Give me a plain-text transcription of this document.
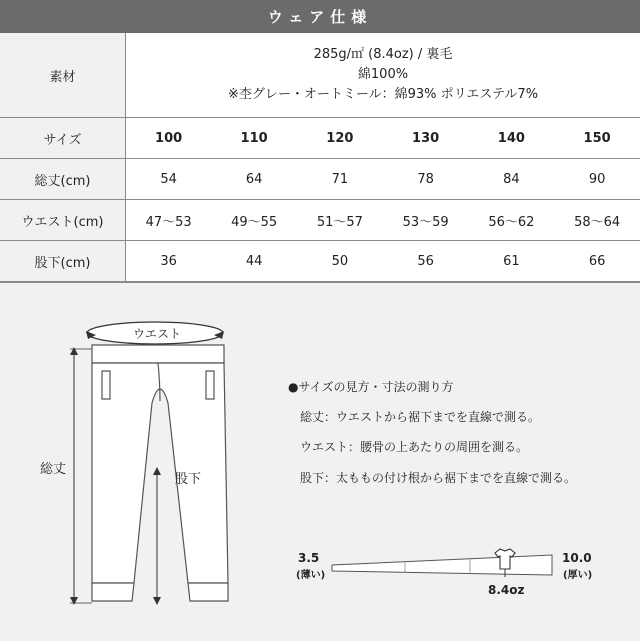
ウェア仕様
素材	285g/㎡ (8.4oz) / 裏毛
綿100%
※杢グレー・オートミール：綿93% ポリエステル7%					

サイズ	100	110	120	130	140	150
総丈(cm)	54	64	71	78	84	90
ウエスト(cm)	47〜53	49〜55	51〜57	53〜59	56〜62	58〜64
股下(cm)	36	44	50	56	61	66
ウエスト
総丈
股下
●サイズの見方・寸法の測り方
総丈：ウエストから裾下までを直線で測る。
ウエスト：腰骨の上あたりの周囲を測る。
股下：太ももの付け根から裾下までを直線で測る。
3.5
(薄い)
10.0
(厚い)
8.4oz
